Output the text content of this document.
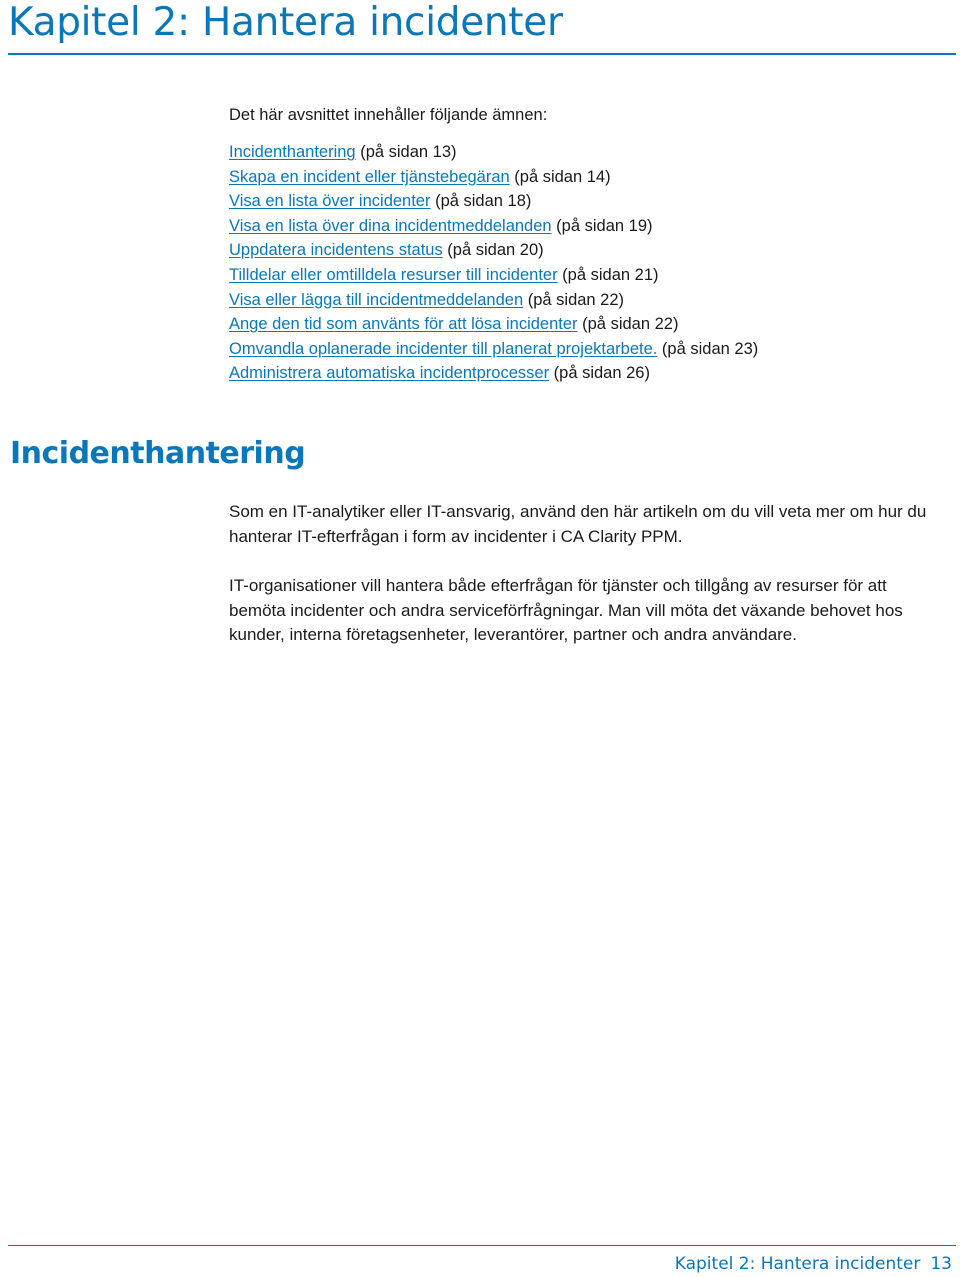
Kapitel 2: Hantera incidenter

Det här avsnittet innehåller följande ämnen:

Incidenthantering (på sidan 13)
Skapa en incident eller tjänstebegäran (på sidan 14)
Visa en lista över incidenter (på sidan 18)
Visa en lista över dina incidentmeddelanden (på sidan 19)
Uppdatera incidentens status (på sidan 20)
Tilldelar eller omtilldela resurser till incidenter (på sidan 21)
Visa eller lägga till incidentmeddelanden (på sidan 22)
Ange den tid som använts för att lösa incidenter (på sidan 22)
Omvandla oplanerade incidenter till planerat projektarbete. (på sidan 23)
Administrera automatiska incidentprocesser (på sidan 26)
Incidenthantering

Som en IT-analytiker eller IT-ansvarig, använd den här artikeln om du vill veta mer om hur du hanterar IT-efterfrågan i form av incidenter i CA Clarity PPM.

IT-organisationer vill hantera både efterfrågan för tjänster och tillgång av resurser för att bemöta incidenter och andra serviceförfrågningar. Man vill möta det växande behovet hos kunder, interna företagsenheter, leverantörer, partner och andra användare.

Kapitel 2: Hantera incidenter 13
